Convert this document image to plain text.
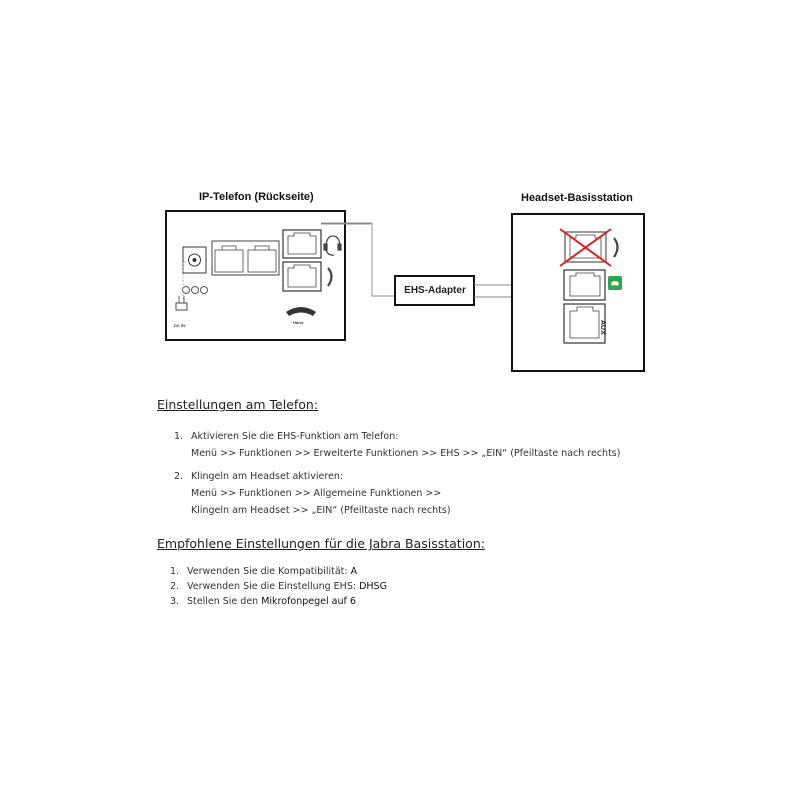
IP-Telefon (Rückseite)	Headset-Basisstation
EHS-Adapter
DC 5V
Hörer	AUX
Einstellungen am Telefon:
1. Aktivieren Sie die EHS-Funktion am Telefon:
Menü >> Funktionen >> Erweiterte Funktionen >> EHS >> „EIN“ (Pfeiltaste nach rechts)
2. Klingeln am Headset aktivieren:
Menü >> Funktionen >> Allgemeine Funktionen >>
Klingeln am Headset >> „EIN“ (Pfeiltaste nach rechts)
Empfohlene Einstellungen für die Jabra Basisstation:
1. Verwenden Sie die Kompatibilität: A
2. Verwenden Sie die Einstellung EHS: DHSG
3. Stellen Sie den Mikrofonpegel auf 6
